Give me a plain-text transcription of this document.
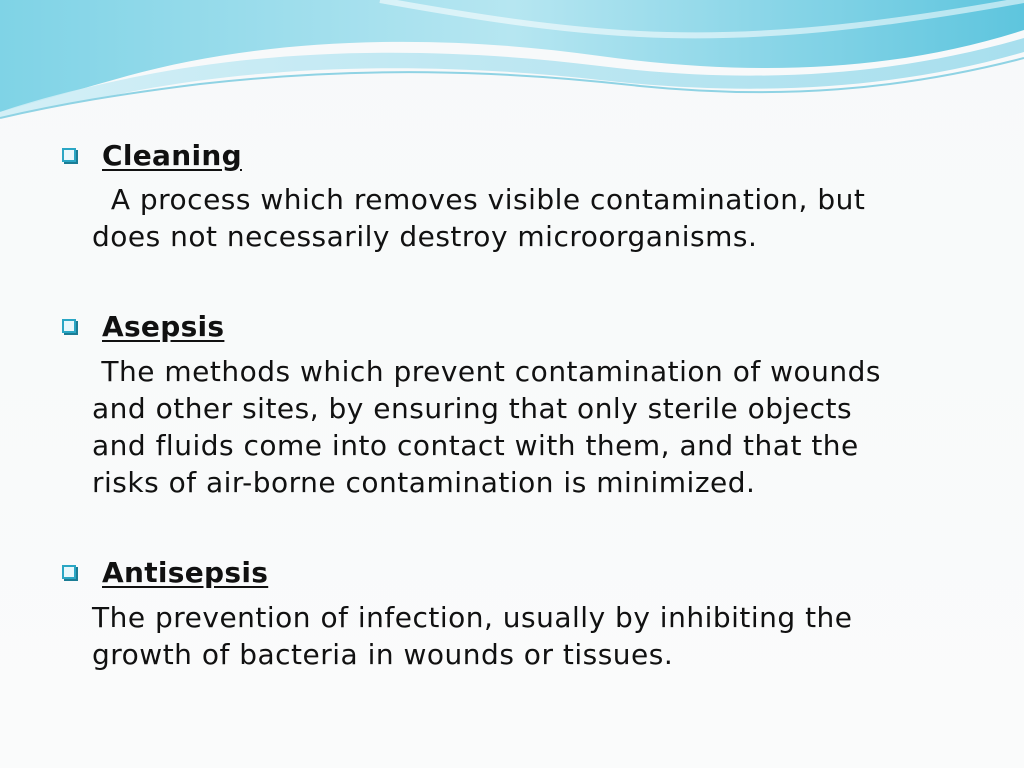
Cleaning

A process which removes visible contamination, but
does not necessarily destroy microorganisms.

Asepsis

The methods which prevent contamination of wounds
and other sites, by ensuring that only sterile objects
and fluids come into contact with them, and that the
risks of air-borne contamination is minimized.

Antisepsis

The prevention of infection, usually by inhibiting the
growth of bacteria in wounds or tissues.
